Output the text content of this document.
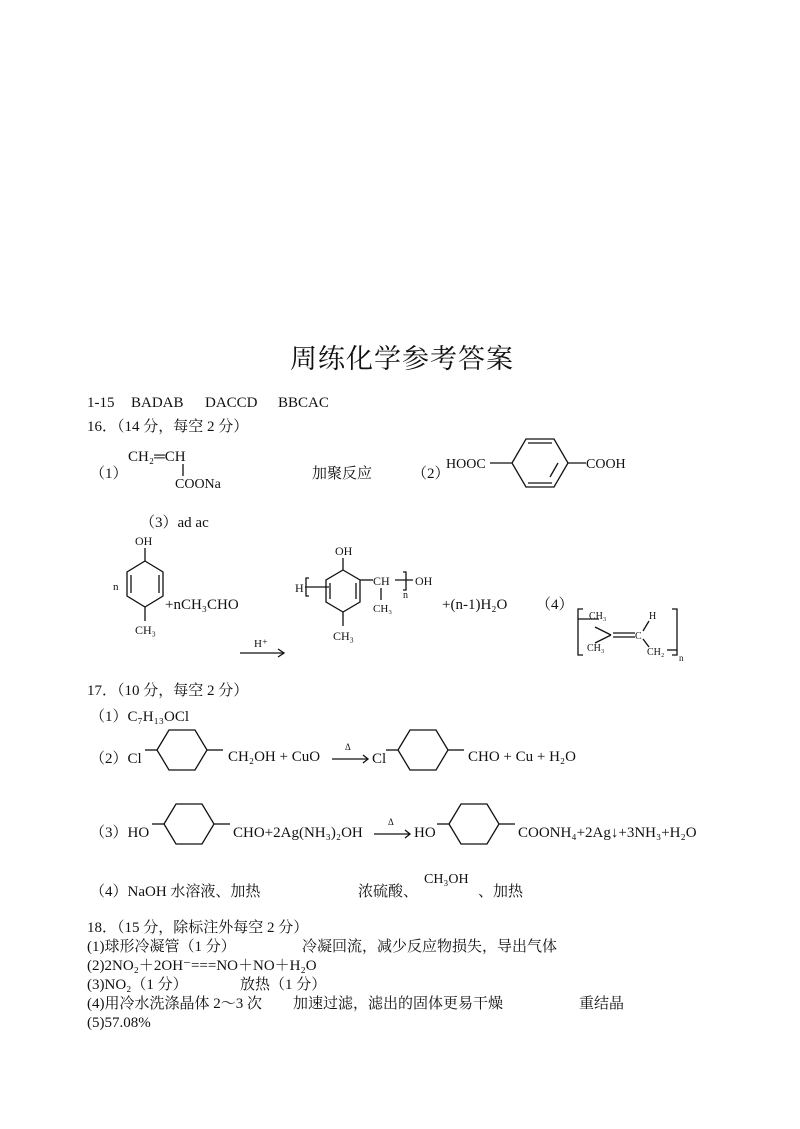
周练化学参考答案
1-15 BADAB DACCD BBCAC
16．（14 分，每空 2 分）
（1）
CH₂═CH
COONa
加聚反应	（2）
HOOC	COOH
（3）ad ac
OH
n
CH₃
+nCH₃CHO
H⁺
H
OH
CH
n
OH
CH₃
CH₃
+(n-1)H₂O （4）
CH₃
CH₃
C
H
CH₂ n
17．（10 分，每空 2 分）
（1）C₇H₁₃OCl
（2）Cl	CH₂OH + CuO
Δ
→ Cl	CHO + Cu + H₂O
（3）HO	CHO+2Ag(NH₃)₂OH
Δ
→ HO	COONH₄+2Ag↓+3NH₃+H₂O
（4）NaOH 水溶液、加热	浓硫酸、
CH₃OH
、加热
18．（15 分，除标注外每空 2 分）
(1)球形冷凝管（1 分）	冷凝回流，减少反应物损失，导出气体
(2)2NO₂＋2OH⁻===NO＋NO＋H₂O
(3)NO₂（1 分）	放热（1 分）
(4)用冷水洗涤晶体 2～3 次 加速过滤，滤出的固体更易干燥	重结晶
(5)57.08%
